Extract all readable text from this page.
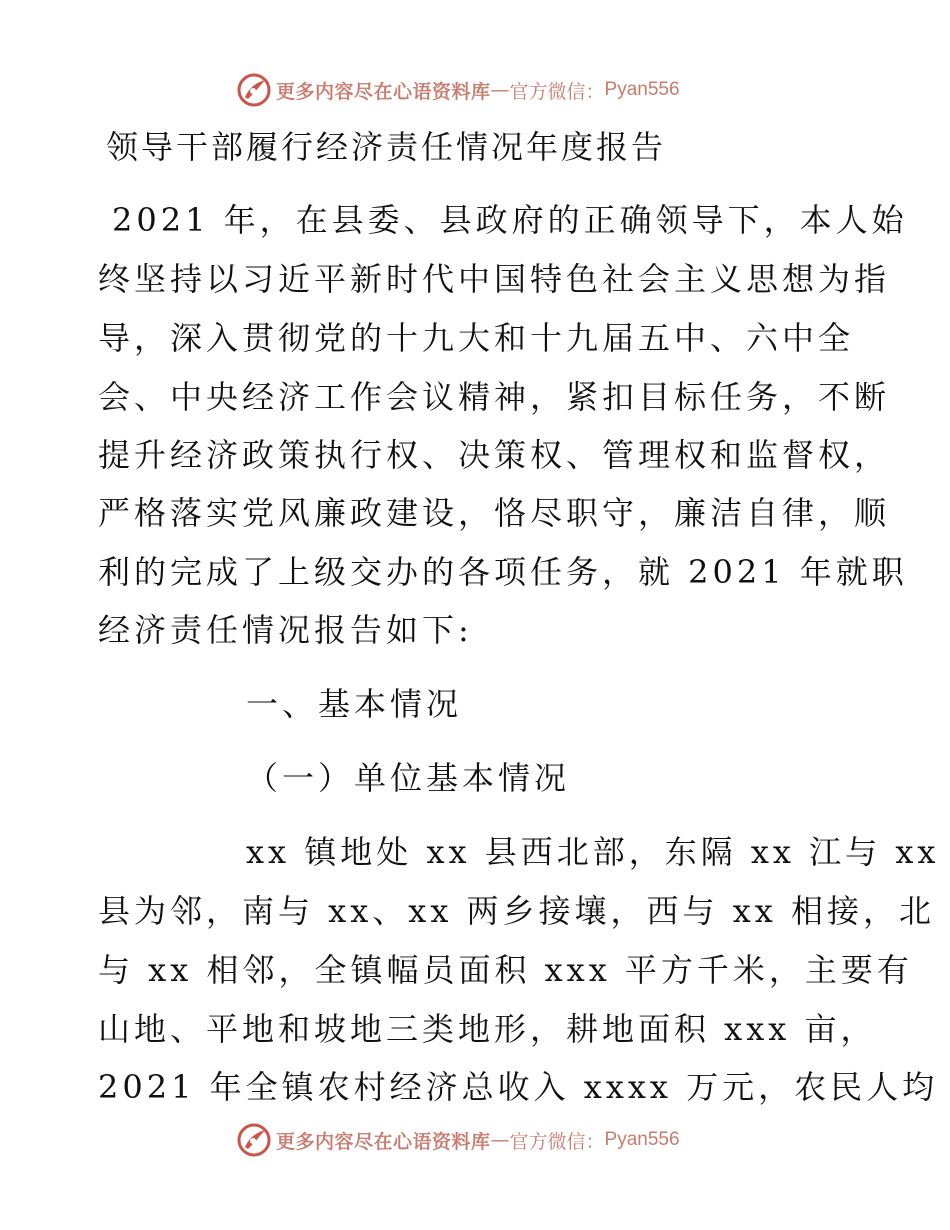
更多内容尽在心语资料库 — 官方微信： Pyan556
领导干部履行经济责任情况年度报告
2021 年，在县委、县政府的正确领导下，本人始
终坚持以习近平新时代中国特色社会主义思想为指
导，深入贯彻党的十九大和十九届五中、六中全
会、中央经济工作会议精神，紧扣目标任务，不断
提升经济政策执行权、决策权、管理权和监督权，
严格落实党风廉政建设，恪尽职守，廉洁自律，顺
利的完成了上级交办的各项任务，就 2021 年就职
经济责任情况报告如下:
一、基本情况
（一）单位基本情况
xx 镇地处 xx 县西北部，东隔 xx 江与 xx
县为邻，南与 xx、xx 两乡接壤，西与 xx 相接，北
与 xx 相邻，全镇幅员面积 xxx 平方千米，主要有
山地、平地和坡地三类地形，耕地面积 xxx 亩，
2021 年全镇农村经济总收入 xxxx 万元，农民人均
更多内容尽在心语资料库 — 官方微信： Pyan556
